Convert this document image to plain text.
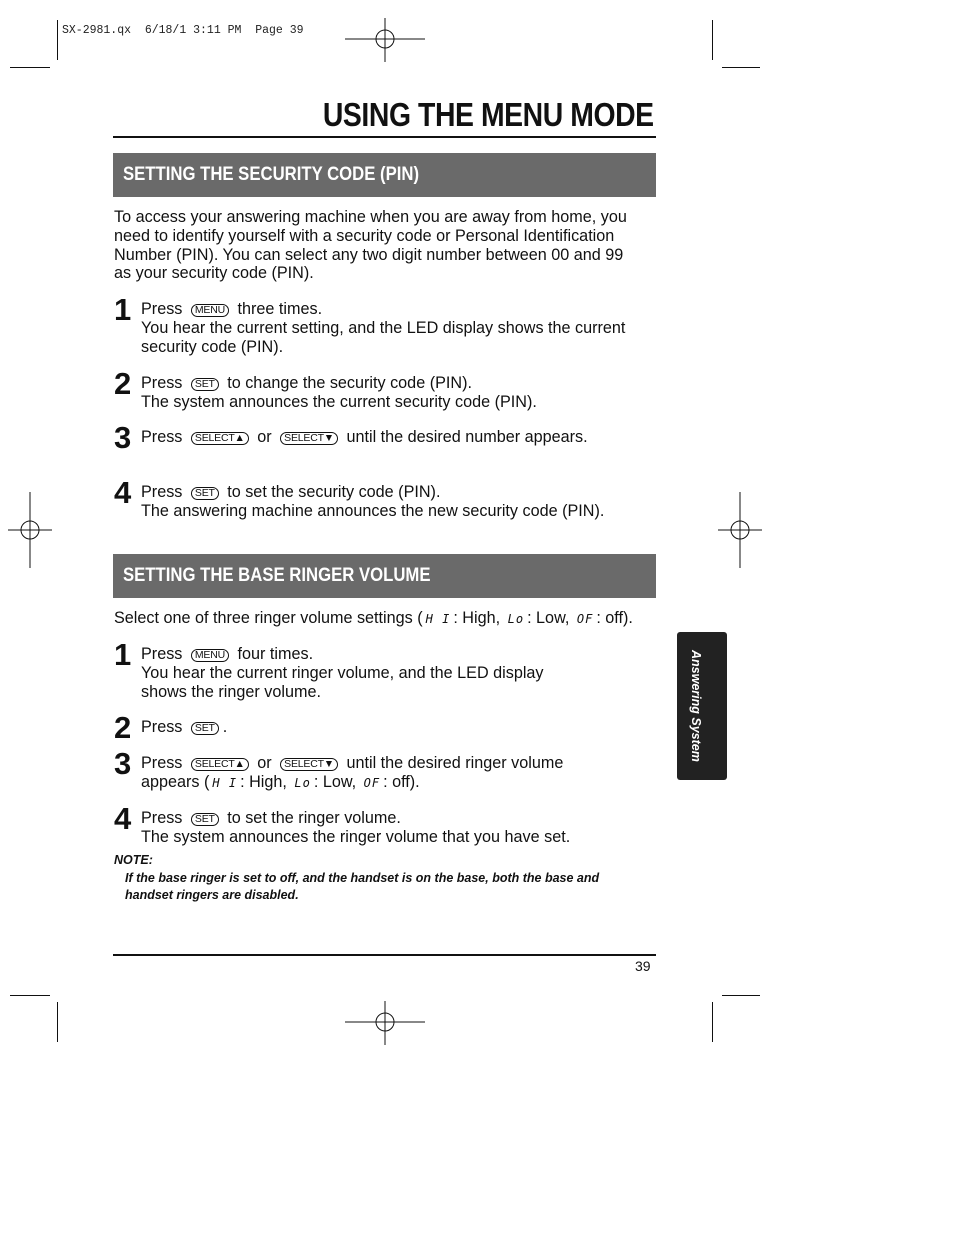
SX-2981.qx  6/18/1 3:11 PM  Page 39
USING THE MENU MODE
SETTING THE SECURITY CODE (PIN)
To access your answering machine when you are away from home, you need to identify yourself with a security code or Personal Identification Number (PIN). You can select any two digit number between 00 and 99 as your security code (PIN).
1 Press MENU three times.
You hear the current setting, and the LED display shows the current security code (PIN).
2 Press SET to change the security code (PIN).
The system announces the current security code (PIN).
3 Press SELECT▲ or SELECT▼ until the desired number appears.
4 Press SET to set the security code (PIN).
The answering machine announces the new security code (PIN).
SETTING THE BASE RINGER VOLUME
Select one of three ringer volume settings ( H I : High, Lo : Low, OF : off).
1 Press MENU four times.
You hear the current ringer volume, and the LED display shows the ringer volume.
2 Press SET .
3 Press SELECT▲ or SELECT▼ until the desired ringer volume
appears ( H I : High, Lo : Low, OF : off).
4 Press SET to set the ringer volume.
The system announces the ringer volume that you have set.
NOTE:
If the base ringer is set to off, and the handset is on the base, both the base and handset ringers are disabled.
39
Answering System
